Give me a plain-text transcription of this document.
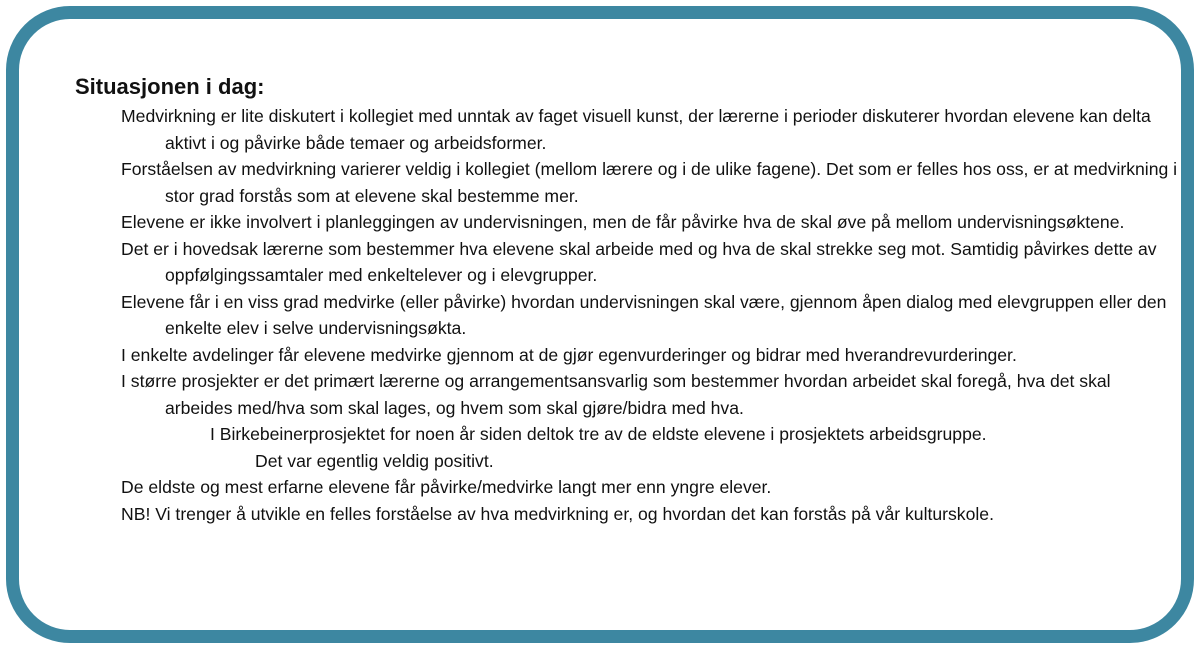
Situasjonen i dag:

Medvirkning er lite diskutert i kollegiet med unntak av faget visuell kunst, der lærerne i perioder diskuterer hvordan elevene kan delta aktivt i og påvirke både temaer og arbeidsformer.

Forståelsen av medvirkning varierer veldig i kollegiet (mellom lærere og i de ulike fagene). Det som er felles hos oss, er at medvirkning i stor grad forstås som at elevene skal bestemme mer.

Elevene er ikke involvert i planleggingen av undervisningen, men de får påvirke hva de skal øve på mellom undervisningsøktene.

Det er i hovedsak lærerne som bestemmer hva elevene skal arbeide med og hva de skal strekke seg mot. Samtidig påvirkes dette av oppfølgingssamtaler med enkeltelever og i elevgrupper.

Elevene får i en viss grad medvirke (eller påvirke) hvordan undervisningen skal være, gjennom åpen dialog med elevgruppen eller den enkelte elev i selve undervisningsøkta.

I enkelte avdelinger får elevene medvirke gjennom at de gjør egenvurderinger og bidrar med hverandrevurderinger.

I større prosjekter er det primært lærerne og arrangementsansvarlig som bestemmer hvordan arbeidet skal foregå, hva det skal arbeides med/hva som skal lages, og hvem som skal gjøre/bidra med hva.

I Birkebeinerprosjektet for noen år siden deltok tre av de eldste elevene i prosjektets arbeidsgruppe.

Det var egentlig veldig positivt.

De eldste og mest erfarne elevene får påvirke/medvirke langt mer enn yngre elever.

NB! Vi trenger å utvikle en felles forståelse av hva medvirkning er, og hvordan det kan forstås på vår kulturskole.
